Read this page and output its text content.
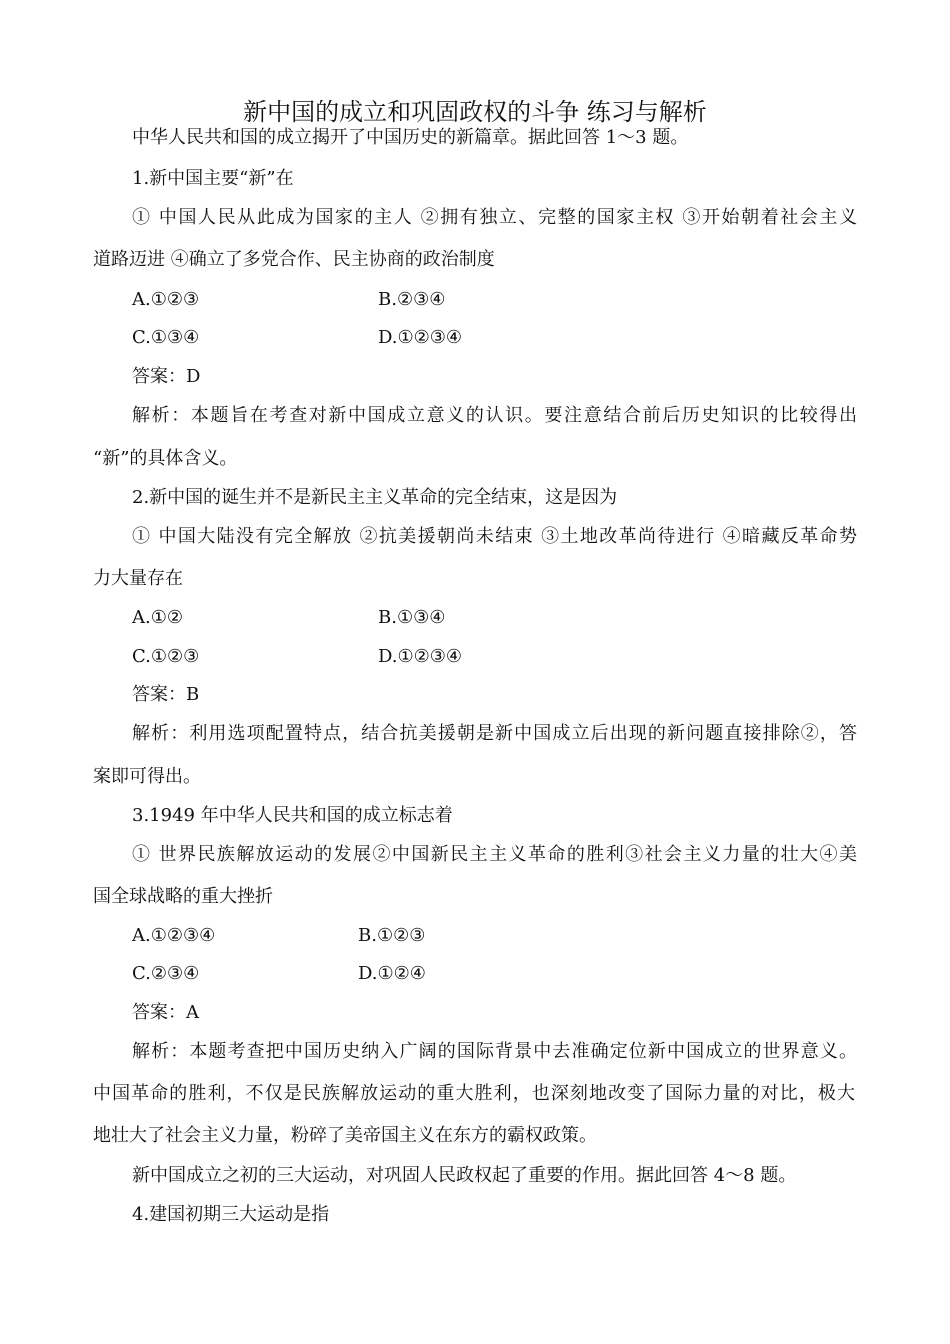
新中国的成立和巩固政权的斗争 练习与解析
中华人民共和国的成立揭开了中国历史的新篇章。据此回答 1～3 题。
1.新中国主要“新”在
① 中国人民从此成为国家的主人 ②拥有独立、完整的国家主权 ③开始朝着社会主义
道路迈进 ④确立了多党合作、民主协商的政治制度
A.①②③	B.②③④
C.①③④	D.①②③④
答案：D
解析：本题旨在考查对新中国成立意义的认识。要注意结合前后历史知识的比较得出
“新”的具体含义。
2.新中国的诞生并不是新民主主义革命的完全结束，这是因为
① 中国大陆没有完全解放 ②抗美援朝尚未结束 ③土地改革尚待进行 ④暗藏反革命势
力大量存在
A.①②	B.①③④
C.①②③	D.①②③④
答案：B
解析：利用选项配置特点，结合抗美援朝是新中国成立后出现的新问题直接排除②，答
案即可得出。
3.1949 年中华人民共和国的成立标志着
① 世界民族解放运动的发展②中国新民主主义革命的胜利③社会主义力量的壮大④美
国全球战略的重大挫折
A.①②③④	B.①②③
C.②③④	D.①②④
答案：A
解析：本题考查把中国历史纳入广阔的国际背景中去准确定位新中国成立的世界意义。
中国革命的胜利，不仅是民族解放运动的重大胜利，也深刻地改变了国际力量的对比，极大
地壮大了社会主义力量，粉碎了美帝国主义在东方的霸权政策。
新中国成立之初的三大运动，对巩固人民政权起了重要的作用。据此回答 4～8 题。
4.建国初期三大运动是指
